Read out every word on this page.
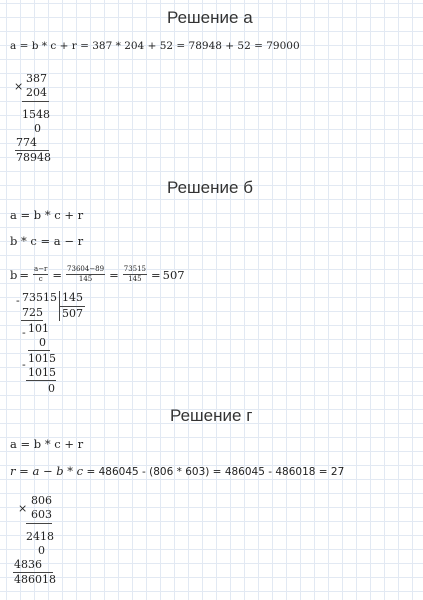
Решение а
a = b * c + r = 387 * 204 + 52 = 78948 + 52 = 79000
×
387
204
1548
0
774
78948
Решение б
a = b * c + r
b * c = a − r
$b = \frac{a-r}{c} = \frac{73604-89}{145} = \frac{73515}{145} = 507$
- 73515 145
507
725
- 101
0
- 1015
1015
0
Решение г
a = b * c + r
r = a − b * c = 486045 - (806 * 603) = 486045 - 486018 = 27
×
806
603
2418
0
4836
486018
